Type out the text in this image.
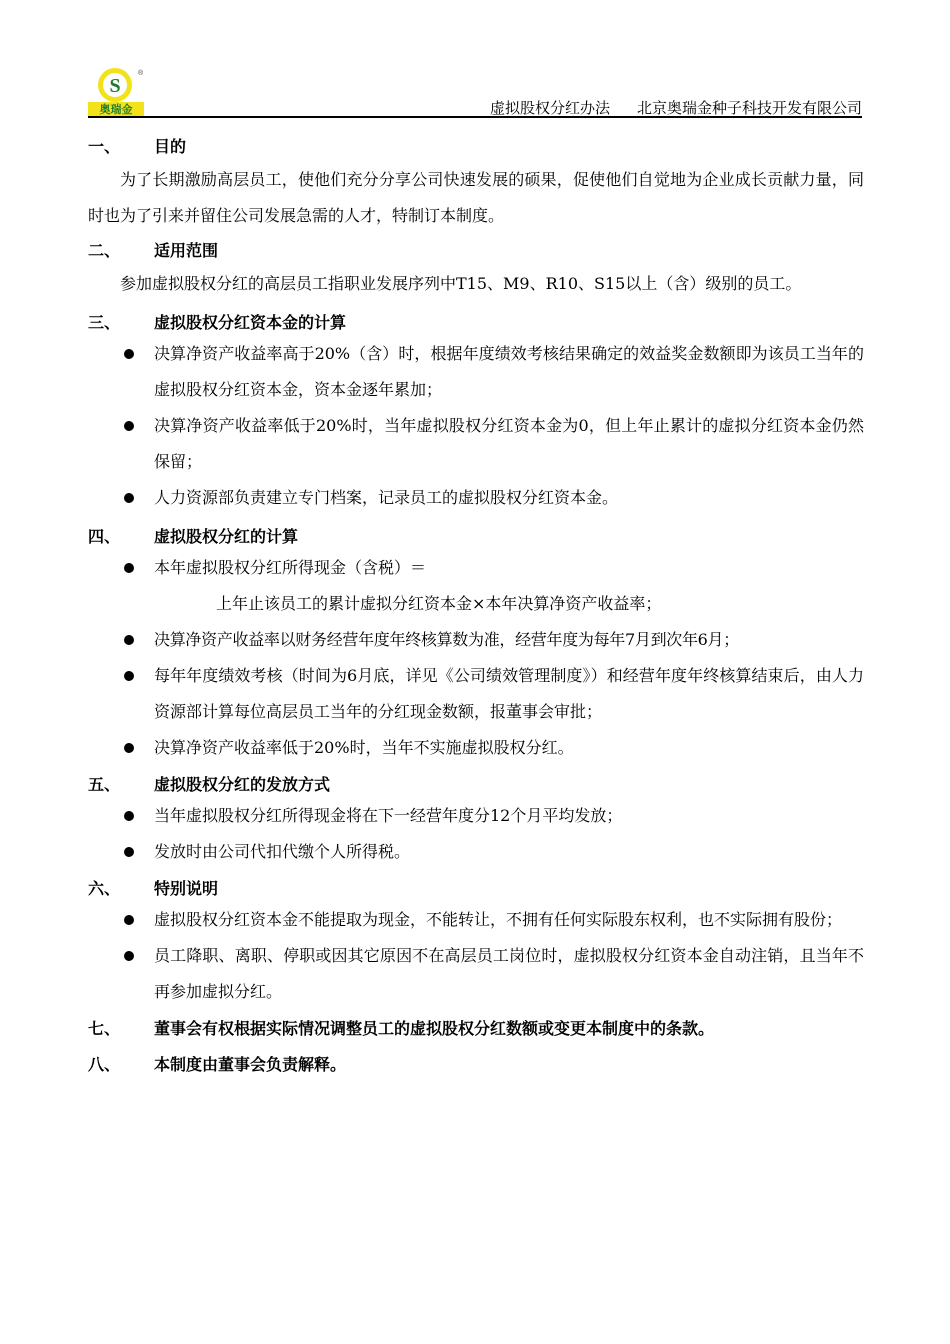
S
®
奥瑞金	虚拟股权分红办法 北京奥瑞金种子科技开发有限公司
一、	目的

为了长期激励高层员工，使他们充分分享公司快速发展的硕果，促使他们自觉地为企业成长贡献力量，同时也为了引来并留住公司发展急需的人才，特制订本制度。

二、	适用范围

参加虚拟股权分红的高层员工指职业发展序列中T15、M9、R10、S15以上（含）级别的员工。

三、	虚拟股权分红资本金的计算
决算净资产收益率高于20%（含）时，根据年度绩效考核结果确定的效益奖金数额即为该员工当年的虚拟股权分红资本金，资本金逐年累加；
决算净资产收益率低于20%时，当年虚拟股权分红资本金为0，但上年止累计的虚拟分红资本金仍然保留；
人力资源部负责建立专门档案，记录员工的虚拟股权分红资本金。
四、	虚拟股权分红的计算
本年虚拟股权分红所得现金（含税）＝
上年止该员工的累计虚拟分红资本金×本年决算净资产收益率；
决算净资产收益率以财务经营年度年终核算数为准，经营年度为每年7月到次年6月；
每年年度绩效考核（时间为6月底，详见《公司绩效管理制度》）和经营年度年终核算结束后，由人力资源部计算每位高层员工当年的分红现金数额，报董事会审批；
决算净资产收益率低于20%时，当年不实施虚拟股权分红。
五、	虚拟股权分红的发放方式
当年虚拟股权分红所得现金将在下一经营年度分12个月平均发放；
发放时由公司代扣代缴个人所得税。
六、	特别说明
虚拟股权分红资本金不能提取为现金，不能转让，不拥有任何实际股东权利，也不实际拥有股份；
员工降职、离职、停职或因其它原因不在高层员工岗位时，虚拟股权分红资本金自动注销，且当年不再参加虚拟分红。
七、	董事会有权根据实际情况调整员工的虚拟股权分红数额或变更本制度中的条款。
八、	本制度由董事会负责解释。
